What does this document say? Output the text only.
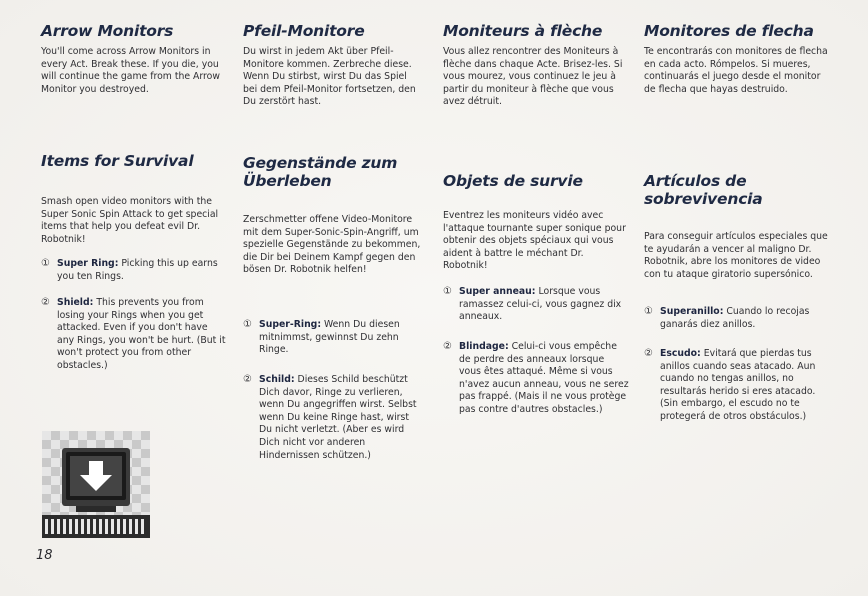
Arrow Monitors

You'll come across Arrow Monitors in every Act. Break these. If you die, you will continue the game from the Arrow Monitor you destroyed.

Items for Survival

Smash open video monitors with the Super Sonic Spin Attack to get special items that help you defeat evil Dr. Robotnik!

① Super Ring: Picking this up earns you ten Rings.
② Shield: This prevents you from losing your Rings when you get attacked. Even if you don't have any Rings, you won't be hurt. (But it won't protect you from other obstacles.)
Pfeil-Monitore

Du wirst in jedem Akt über Pfeil-Monitore kommen. Zerbreche diese. Wenn Du stirbst, wirst Du das Spiel bei dem Pfeil-Monitor fortsetzen, den Du zerstört hast.

Gegenstände zum Überleben

Zerschmetter offene Video-Monitore mit dem Super-Sonic-Spin-Angriff, um spezielle Gegenstände zu bekommen, die Dir bei Deinem Kampf gegen den bösen Dr. Robotnik helfen!

① Super-Ring: Wenn Du diesen mitnimmst, gewinnst Du zehn Ringe.
② Schild: Dieses Schild beschützt Dich davor, Ringe zu verlieren, wenn Du angegriffen wirst. Selbst wenn Du keine Ringe hast, wirst Du nicht verletzt. (Aber es wird Dich nicht vor anderen Hindernissen schützen.)
Moniteurs à flèche

Vous allez rencontrer des Moniteurs à flèche dans chaque Acte. Brisez-les. Si vous mourez, vous continuez le jeu à partir du moniteur à flèche que vous avez détruit.

Objets de survie

Eventrez les moniteurs vidéo avec l'attaque tournante super sonique pour obtenir des objets spéciaux qui vous aident à battre le méchant Dr. Robotnik!

① Super anneau: Lorsque vous ramassez celui-ci, vous gagnez dix anneaux.
② Blindage: Celui-ci vous empêche de perdre des anneaux lorsque vous êtes attaqué. Même si vous n'avez aucun anneau, vous ne serez pas frappé. (Mais il ne vous protège pas contre d'autres obstacles.)
Monitores de flecha

Te encontrarás con monitores de flecha en cada acto. Rómpelos. Si mueres, continuarás el juego desde el monitor de flecha que hayas destruido.

Artículos de sobrevivencia

Para conseguir artículos especiales que te ayudarán a vencer al maligno Dr. Robotnik, abre los monitores de video con tu ataque giratorio supersónico.

① Superanillo: Cuando lo recojas ganarás diez anillos.
② Escudo: Evitará que pierdas tus anillos cuando seas atacado. Aun cuando no tengas anillos, no resultarás herido si eres atacado. (Sin embargo, el escudo no te protegerá de otros obstáculos.)
18
